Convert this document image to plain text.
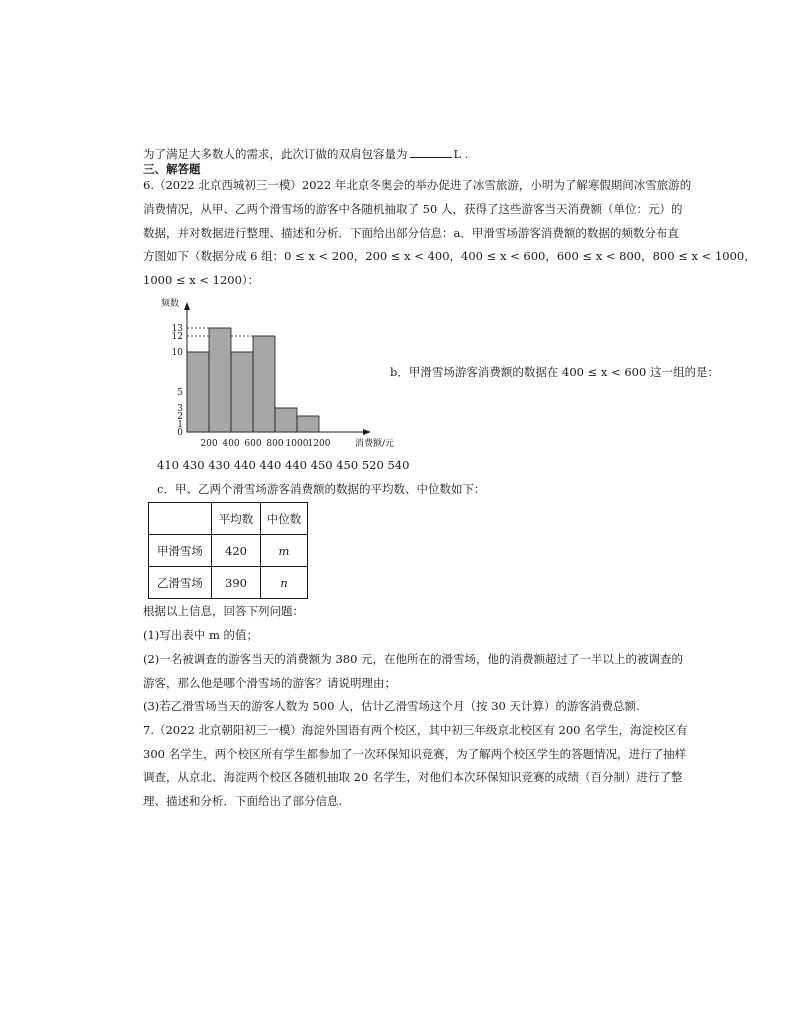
为了满足大多数人的需求，此次订做的双肩包容量为	L .
三、解答题
6.（2022 北京西城初三一模）2022 年北京冬奥会的举办促进了冰雪旅游，小明为了解寒假期间冰雪旅游的
消费情况，从甲、乙两个滑雪场的游客中各随机抽取了 50 人，获得了这些游客当天消费额（单位：元）的
数据，并对数据进行整理、描述和分析．下面给出部分信息：a．甲滑雪场游客消费额的数据的频数分布直
方图如下（数据分成 6 组：0 ≤ x < 200，200 ≤ x < 400，400 ≤ x < 600，600 ≤ x < 800，800 ≤ x < 1000，
1000 ≤ x < 1200）：
0
1
2
3
5
10
12
13
200 400 600 800 1000 1200
频数
消费额/元
b．甲滑雪场游客消费额的数据在 400 ≤ x < 600 这一组的是：
410 430 430 440 440 440 450 450 520 540
c．甲、乙两个滑雪场游客消费额的数据的平均数、中位数如下：
	平均数	中位数
甲滑雪场	420	m
乙滑雪场	390	n
根据以上信息，回答下列问题：
(1)写出表中 m 的值；
(2)一名被调查的游客当天的消费额为 380 元，在他所在的滑雪场，他的消费额超过了一半以上的被调查的
游客，那么他是哪个滑雪场的游客？请说明理由；
(3)若乙滑雪场当天的游客人数为 500 人，估计乙滑雪场这个月（按 30 天计算）的游客消费总额.
7.（2022 北京朝阳初三一模）海淀外国语有两个校区，其中初三年级京北校区有 200 名学生，海淀校区有
300 名学生，两个校区所有学生都参加了一次环保知识竞赛，为了解两个校区学生的答题情况，进行了抽样
调查，从京北、海淀两个校区各随机抽取 20 名学生，对他们本次环保知识竞赛的成绩（百分制）进行了整
理、描述和分析．下面给出了部分信息.
